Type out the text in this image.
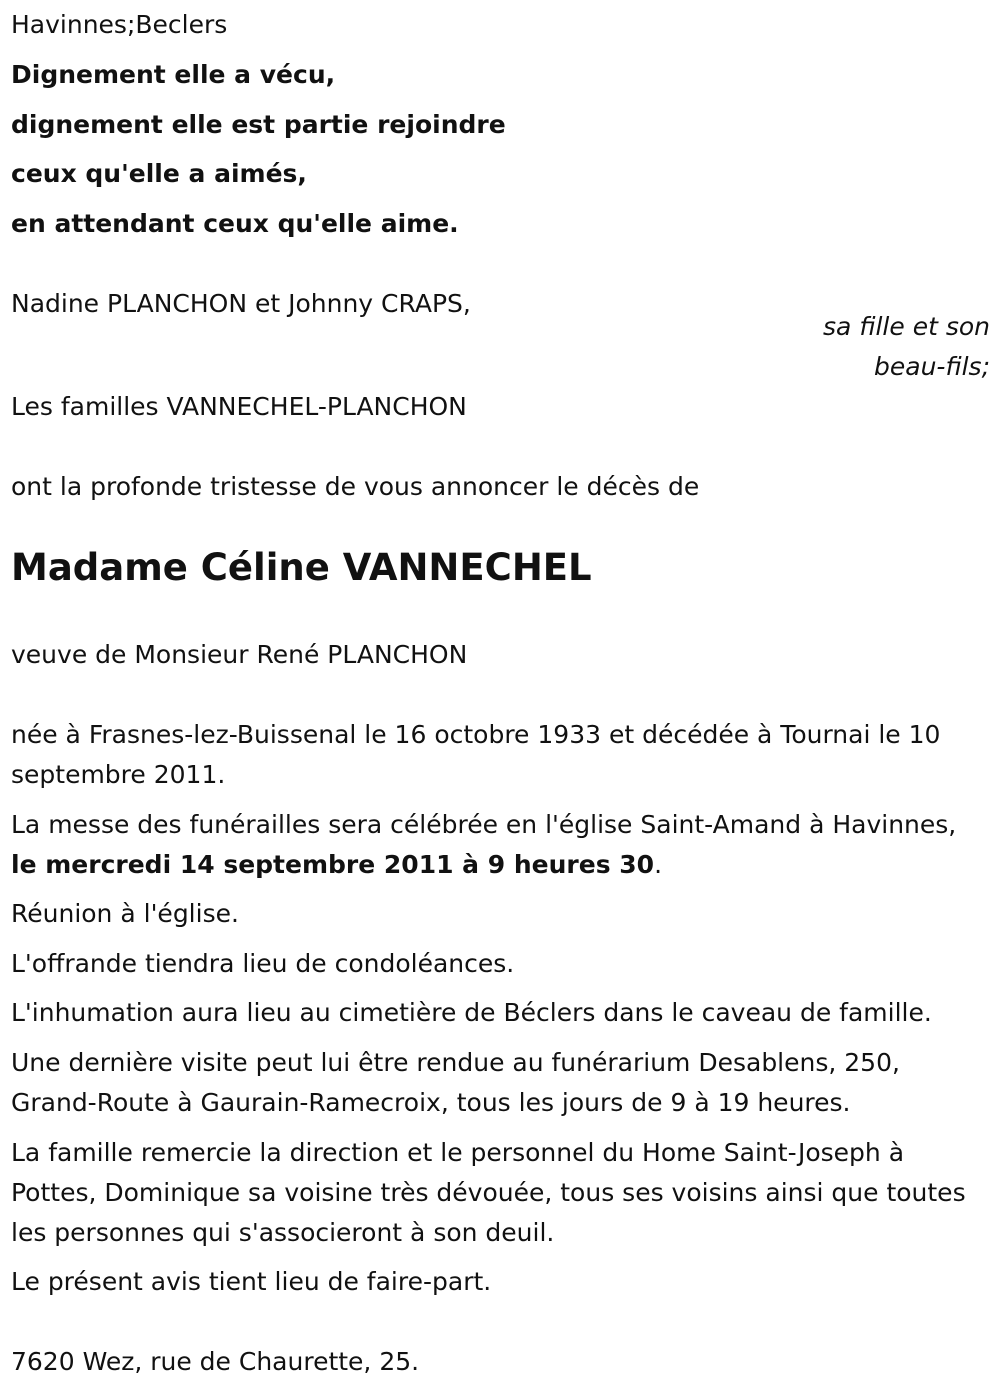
Havinnes;Beclers

Dignement elle a vécu,

dignement elle est partie rejoindre

ceux qu'elle a aimés,

en attendant ceux qu'elle aime.

Nadine PLANCHON et Johnny CRAPS,

sa fille et son

beau-fils;

Les familles VANNECHEL-PLANCHON

ont la profonde tristesse de vous annoncer le décès de

Madame Céline VANNECHEL

veuve de Monsieur René PLANCHON

née à Frasnes-lez-Buissenal le 16 octobre 1933 et décédée à Tournai le 10 septembre 2011.

La messe des funérailles sera célébrée en l'église Saint-Amand à Havinnes, le mercredi 14 septembre 2011 à 9 heures 30.

Réunion à l'église.

L'offrande tiendra lieu de condoléances.

L'inhumation aura lieu au cimetière de Béclers dans le caveau de famille.

Une dernière visite peut lui être rendue au funérarium Desablens, 250, Grand-Route à Gaurain-Ramecroix, tous les jours de 9 à 19 heures.

La famille remercie la direction et le personnel du Home Saint-Joseph à Pottes, Dominique sa voisine très dévouée, tous ses voisins ainsi que toutes les personnes qui s'associeront à son deuil.

Le présent avis tient lieu de faire-part.

7620 Wez, rue de Chaurette, 25.
